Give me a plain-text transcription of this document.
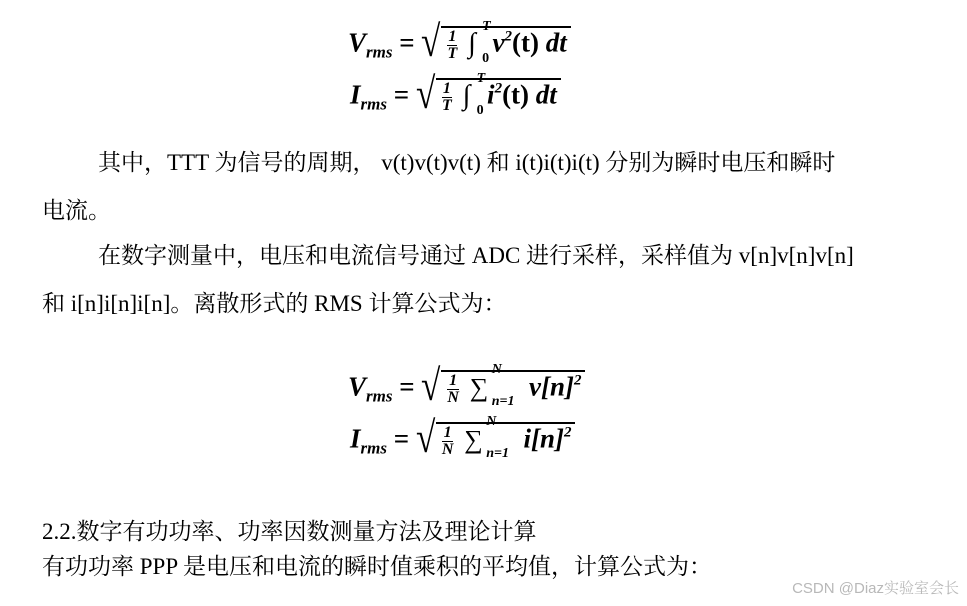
$V_{rms}$ = √ $\frac{1}{T}$ ∫
T
0
$v^2(t)$ dt
$I_{rms}$ = √ $\frac{1}{T}$ ∫
T
0
$i^2(t)$ dt
其中，TTT 为信号的周期， v(t)v(t)v(t) 和 i(t)i(t)i(t) 分别为瞬时电压和瞬时
电流。
在数字测量中，电压和电流信号通过 ADC 进行采样，采样值为 v[n]v[n]v[n]
和 i[n]i[n]i[n]。离散形式的 RMS 计算公式为：
$V_{rms}$ = √ $\frac{1}{N}$ ∑
N
n=1 $v[n]^2$
$I_{rms}$ = √ $\frac{1}{N}$ ∑
N
n=1 $i[n]^2$
2.2.数字有功功率、功率因数测量方法及理论计算
有功功率 PPP 是电压和电流的瞬时值乘积的平均值，计算公式为：
CSDN @Diaz实验室会长
